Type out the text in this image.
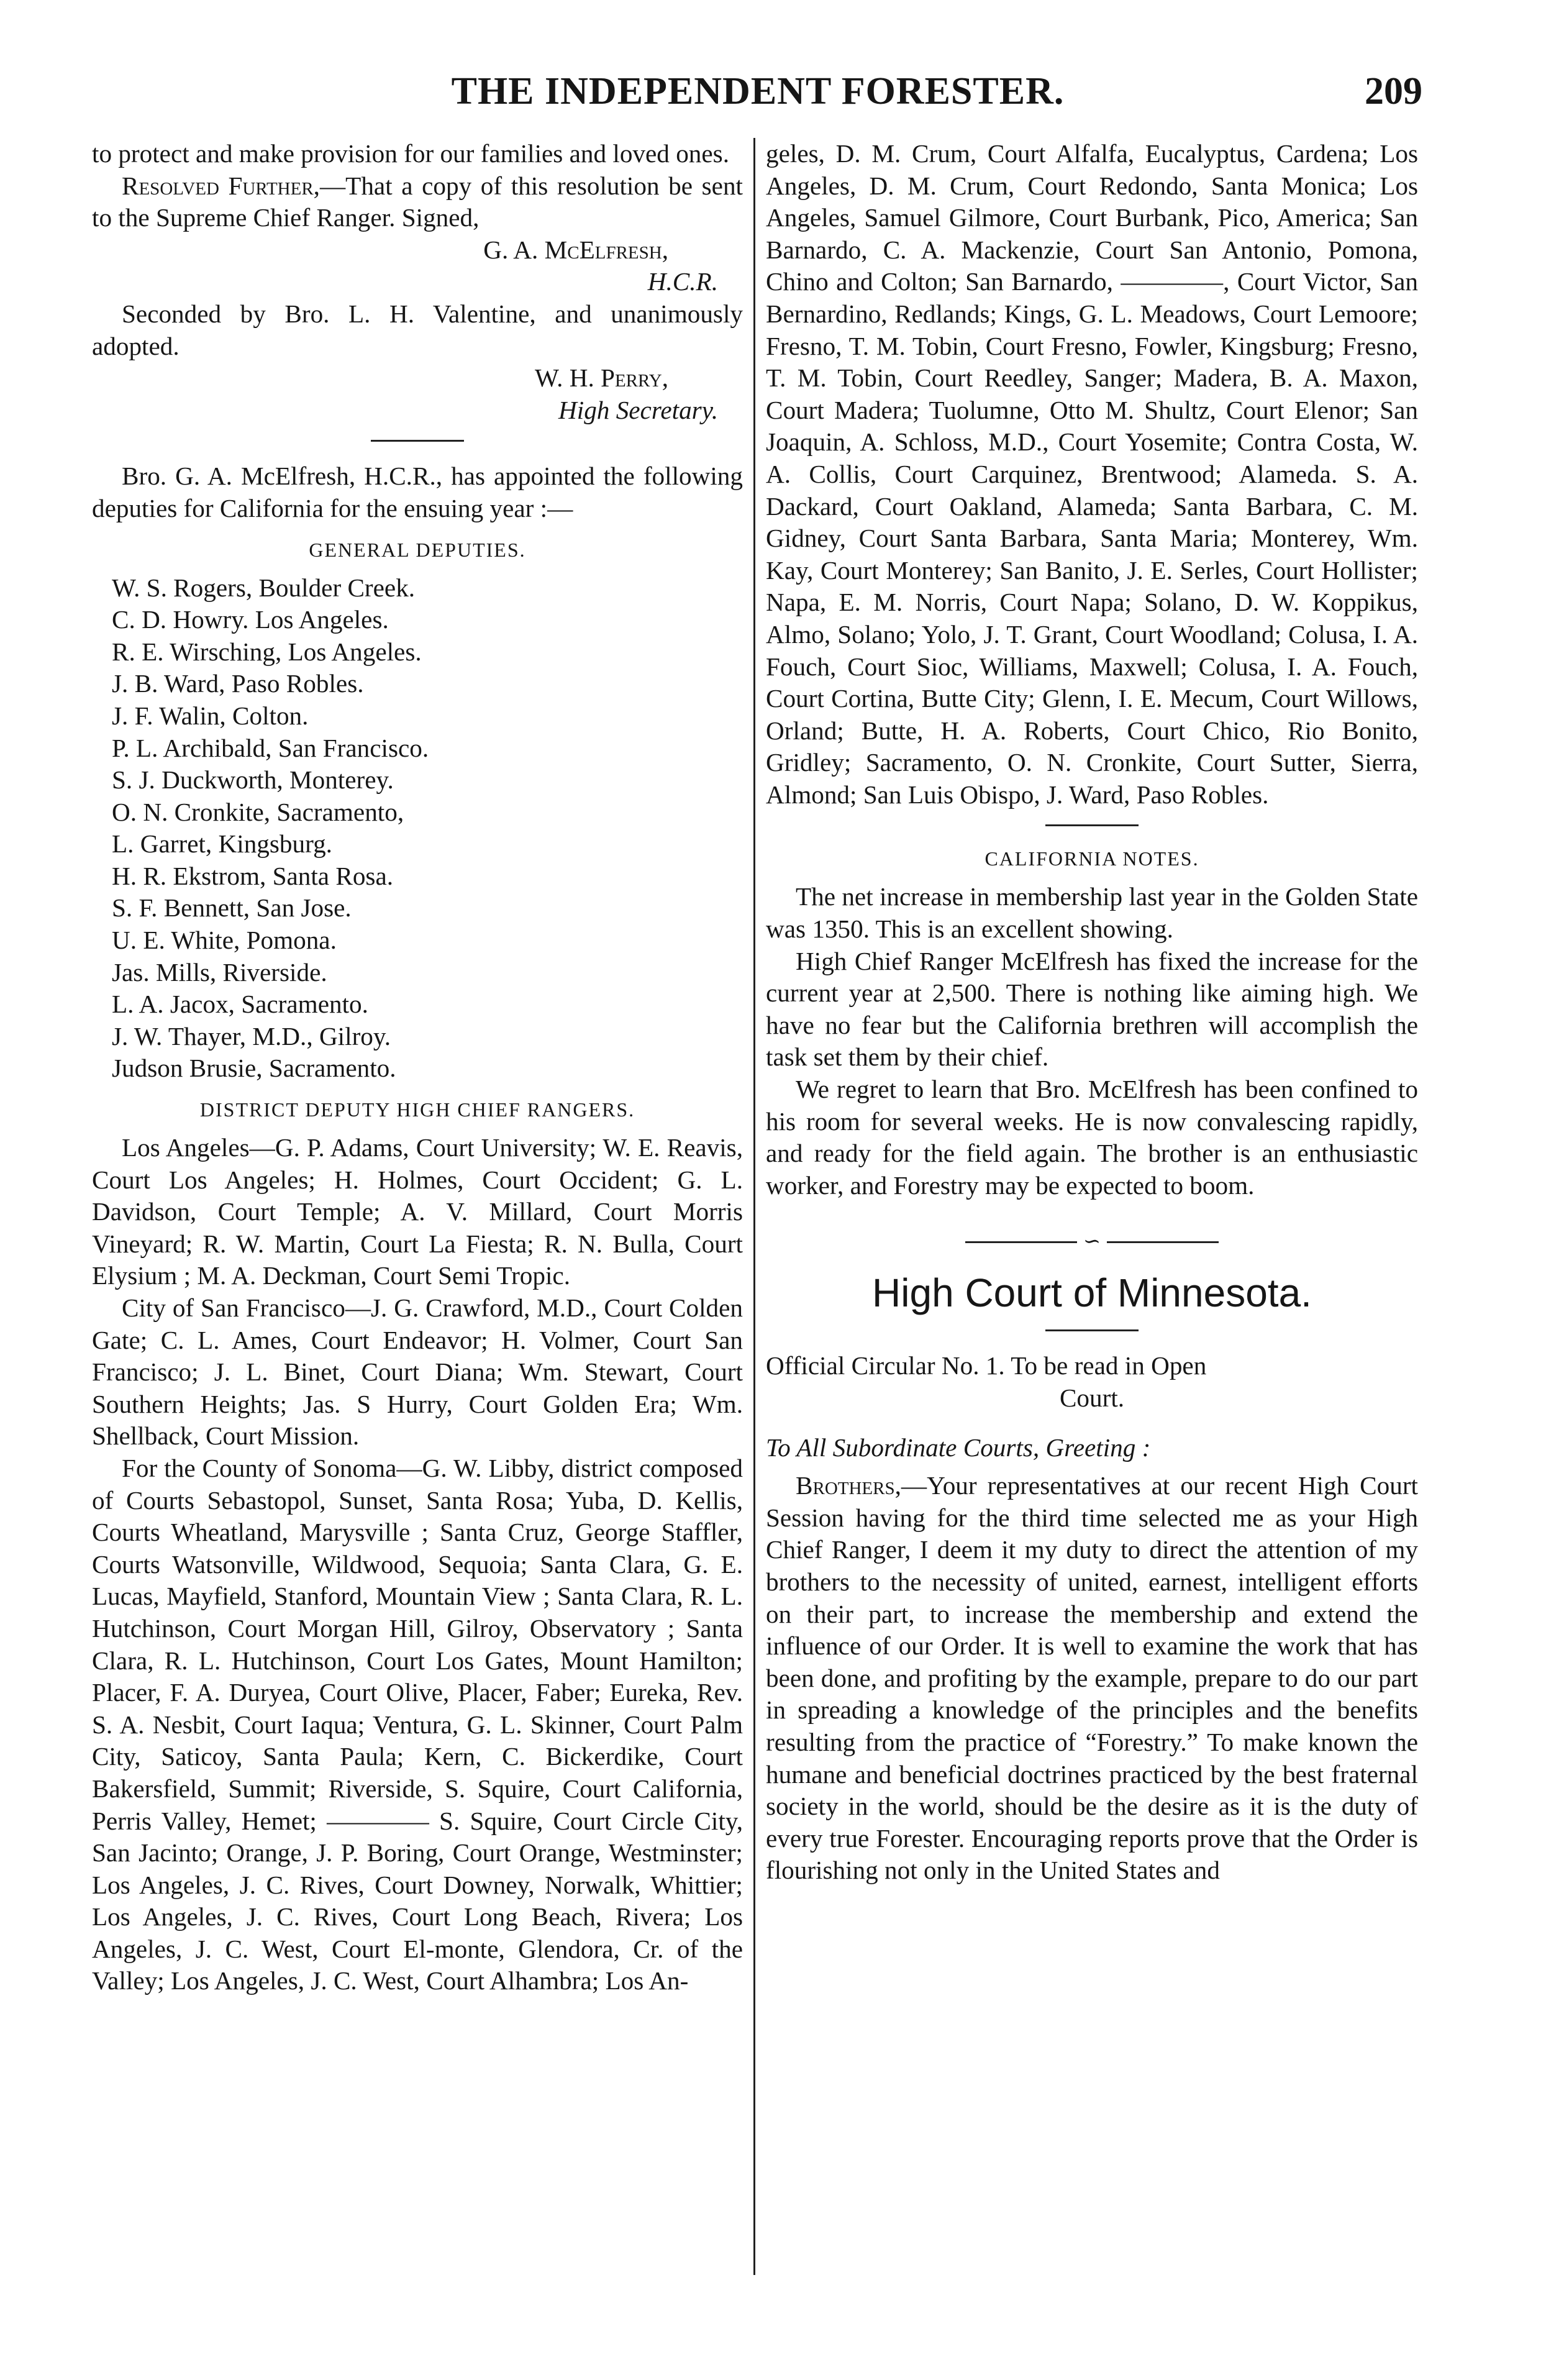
THE INDEPENDENT FORESTER.	209

to protect and make provision for our families and loved ones.

Resolved Further,—That a copy of this resolution be sent to the Supreme Chief Ranger. Signed,

G. A. McElfresh,

H.C.R.

Seconded by Bro. L. H. Valentine, and unanimously adopted.

W. H. Perry,

High Secretary.

Bro. G. A. McElfresh, H.C.R., has appointed the following deputies for California for the ensuing year :—

GENERAL DEPUTIES.

W. S. Rogers, Boulder Creek.

C. D. Howry. Los Angeles.

R. E. Wirsching, Los Angeles.

J. B. Ward, Paso Robles.

J. F. Walin, Colton.

P. L. Archibald, San Francisco.

S. J. Duckworth, Monterey.

O. N. Cronkite, Sacramento,

L. Garret, Kingsburg.

H. R. Ekstrom, Santa Rosa.

S. F. Bennett, San Jose.

U. E. White, Pomona.

Jas. Mills, Riverside.

L. A. Jacox, Sacramento.

J. W. Thayer, M.D., Gilroy.

Judson Brusie, Sacramento.

DISTRICT DEPUTY HIGH CHIEF RANGERS.

Los Angeles—G. P. Adams, Court University; W. E. Reavis, Court Los Angeles; H. Holmes, Court Occident; G. L. Davidson, Court Temple; A. V. Millard, Court Morris Vineyard; R. W. Martin, Court La Fiesta; R. N. Bulla, Court Elysium ; M. A. Deckman, Court Semi Tropic.

City of San Francisco—J. G. Crawford, M.D., Court Colden Gate; C. L. Ames, Court Endeavor; H. Volmer, Court San Francisco; J. L. Binet, Court Diana; Wm. Stewart, Court Southern Heights; Jas. S Hurry, Court Golden Era; Wm. Shellback, Court Mission.

For the County of Sonoma—G. W. Libby, district composed of Courts Sebastopol, Sunset, Santa Rosa; Yuba, D. Kellis, Courts Wheatland, Marysville ; Santa Cruz, George Staffler, Courts Watsonville, Wildwood, Sequoia; Santa Clara, G. E. Lucas, Mayfield, Stanford, Mountain View ; Santa Clara, R. L. Hutchinson, Court Morgan Hill, Gilroy, Observatory ; Santa Clara, R. L. Hutchinson, Court Los Gates, Mount Hamilton; Placer, F. A. Duryea, Court Olive, Placer, Faber; Eureka, Rev. S. A. Nesbit, Court Iaqua; Ventura, G. L. Skinner, Court Palm City, Saticoy, Santa Paula; Kern, C. Bickerdike, Court Bakersfield, Summit; Riverside, S. Squire, Court California, Perris Valley, Hemet; ———— S. Squire, Court Circle City, San Jacinto; Orange, J. P. Boring, Court Orange, Westminster; Los Angeles, J. C. Rives, Court Downey, Norwalk, Whittier; Los Angeles, J. C. Rives, Court Long Beach, Rivera; Los Angeles, J. C. West, Court El-monte, Glendora, Cr. of the Valley; Los Angeles, J. C. West, Court Alhambra; Los An-

geles, D. M. Crum, Court Alfalfa, Eucalyptus, Cardena; Los Angeles, D. M. Crum, Court Redondo, Santa Monica; Los Angeles, Samuel Gilmore, Court Burbank, Pico, America; San Barnardo, C. A. Mackenzie, Court San Antonio, Pomona, Chino and Colton; San Barnardo, ————, Court Victor, San Bernardino, Redlands; Kings, G. L. Meadows, Court Lemoore; Fresno, T. M. Tobin, Court Fresno, Fowler, Kingsburg; Fresno, T. M. Tobin, Court Reedley, Sanger; Madera, B. A. Maxon, Court Madera; Tuolumne, Otto M. Shultz, Court Elenor; San Joaquin, A. Schloss, M.D., Court Yosemite; Contra Costa, W. A. Collis, Court Carquinez, Brentwood; Alameda. S. A. Dackard, Court Oakland, Alameda; Santa Barbara, C. M. Gidney, Court Santa Barbara, Santa Maria; Monterey, Wm. Kay, Court Monterey; San Banito, J. E. Serles, Court Hollister; Napa, E. M. Norris, Court Napa; Solano, D. W. Koppikus, Almo, Solano; Yolo, J. T. Grant, Court Woodland; Colusa, I. A. Fouch, Court Sioc, Williams, Maxwell; Colusa, I. A. Fouch, Court Cortina, Butte City; Glenn, I. E. Mecum, Court Willows, Orland; Butte, H. A. Roberts, Court Chico, Rio Bonito, Gridley; Sacramento, O. N. Cronkite, Court Sutter, Sierra, Almond; San Luis Obispo, J. Ward, Paso Robles.

CALIFORNIA NOTES.

The net increase in membership last year in the Golden State was 1350. This is an excellent showing.

High Chief Ranger McElfresh has fixed the increase for the current year at 2,500. There is nothing like aiming high. We have no fear but the California brethren will accomplish the task set them by their chief.

We regret to learn that Bro. McElfresh has been confined to his room for several weeks. He is now convalescing rapidly, and ready for the field again. The brother is an enthusiastic worker, and Forestry may be expected to boom.

∽
High Court of Minnesota.

Official Circular No. 1. To be read in Open

Court.

To All Subordinate Courts, Greeting :

Brothers,—Your representatives at our recent High Court Session having for the third time selected me as your High Chief Ranger, I deem it my duty to direct the attention of my brothers to the necessity of united, earnest, intelligent efforts on their part, to increase the membership and extend the influence of our Order. It is well to examine the work that has been done, and profiting by the example, prepare to do our part in spreading a knowledge of the principles and the benefits resulting from the practice of “Forestry.” To make known the humane and beneficial doctrines practiced by the best fraternal society in the world, should be the desire as it is the duty of every true Forester. Encouraging reports prove that the Order is flourishing not only in the United States and
